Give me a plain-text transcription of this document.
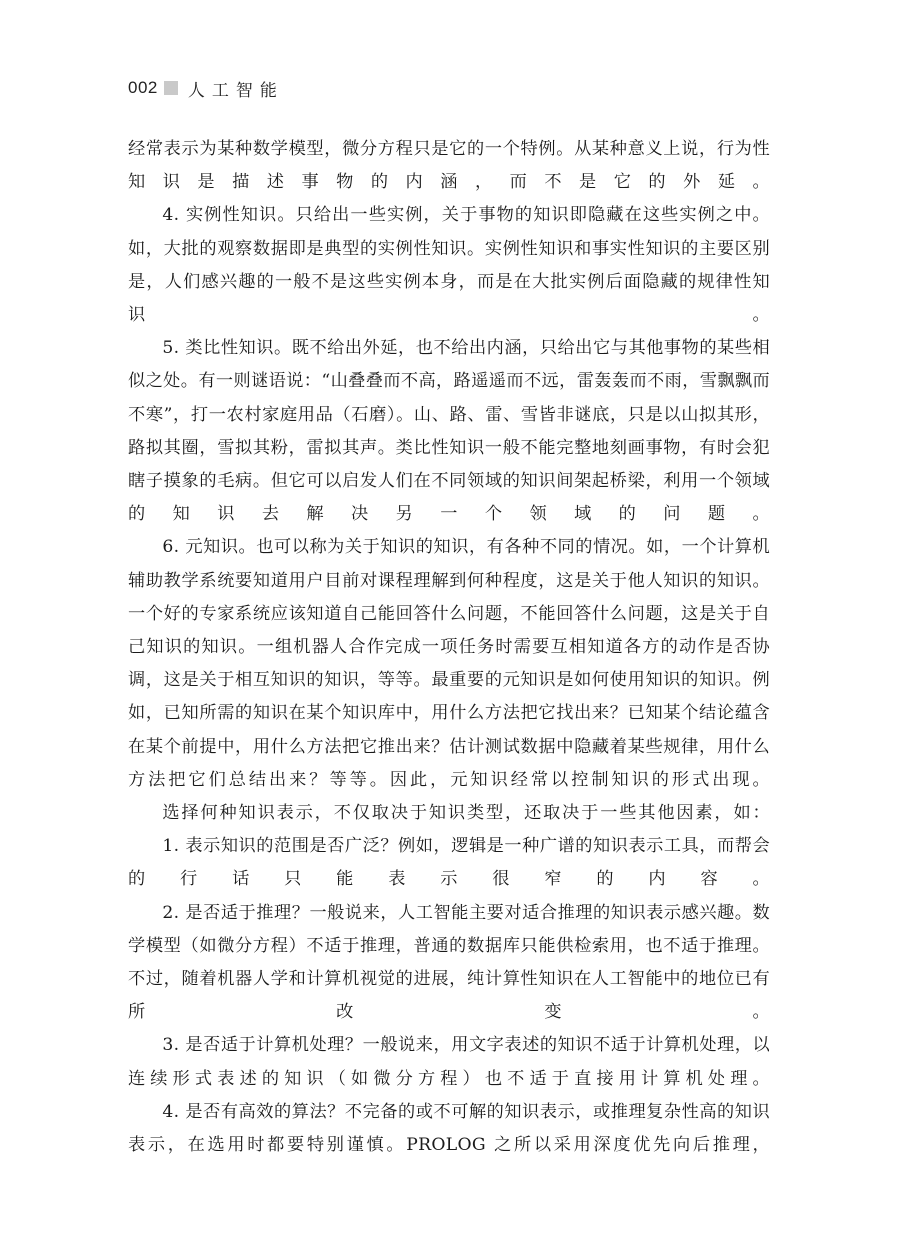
002 人工智能

经常表示为某种数学模型，微分方程只是它的一个特例。从某种意义上说，行为性知识是描述事物的内涵，而不是它的外延。

4. 实例性知识。只给出一些实例，关于事物的知识即隐藏在这些实例之中。如，大批的观察数据即是典型的实例性知识。实例性知识和事实性知识的主要区别是，人们感兴趣的一般不是这些实例本身，而是在大批实例后面隐藏的规律性知识。

5. 类比性知识。既不给出外延，也不给出内涵，只给出它与其他事物的某些相似之处。有一则谜语说：“山叠叠而不高，路遥遥而不远，雷轰轰而不雨，雪飘飘而不寒”，打一农村家庭用品（石磨）。山、路、雷、雪皆非谜底，只是以山拟其形，路拟其圈，雪拟其粉，雷拟其声。类比性知识一般不能完整地刻画事物，有时会犯瞎子摸象的毛病。但它可以启发人们在不同领域的知识间架起桥梁，利用一个领域的知识去解决另一个领域的问题。

6. 元知识。也可以称为关于知识的知识，有各种不同的情况。如，一个计算机辅助教学系统要知道用户目前对课程理解到何种程度，这是关于他人知识的知识。一个好的专家系统应该知道自己能回答什么问题，不能回答什么问题，这是关于自己知识的知识。一组机器人合作完成一项任务时需要互相知道各方的动作是否协调，这是关于相互知识的知识，等等。最重要的元知识是如何使用知识的知识。例如，已知所需的知识在某个知识库中，用什么方法把它找出来？已知某个结论蕴含在某个前提中，用什么方法把它推出来？估计测试数据中隐藏着某些规律，用什么方法把它们总结出来？等等。因此，元知识经常以控制知识的形式出现。

选择何种知识表示，不仅取决于知识类型，还取决于一些其他因素，如：

1. 表示知识的范围是否广泛？例如，逻辑是一种广谱的知识表示工具，而帮会的行话只能表示很窄的内容。

2. 是否适于推理？一般说来，人工智能主要对适合推理的知识表示感兴趣。数学模型（如微分方程）不适于推理，普通的数据库只能供检索用，也不适于推理。不过，随着机器人学和计算机视觉的进展，纯计算性知识在人工智能中的地位已有所改变。

3. 是否适于计算机处理？一般说来，用文字表述的知识不适于计算机处理，以连续形式表述的知识（如微分方程）也不适于直接用计算机处理。

4. 是否有高效的算法？不完备的或不可解的知识表示，或推理复杂性高的知识表示，在选用时都要特别谨慎。PROLOG 之所以采用深度优先向后推理，
